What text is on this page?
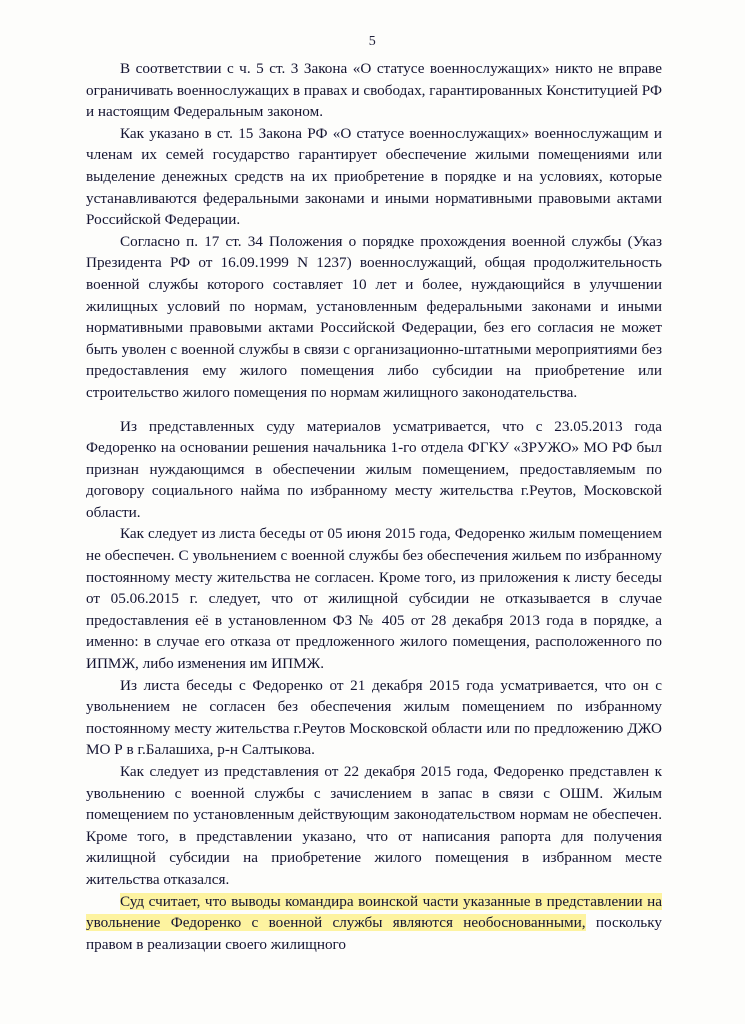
5

В соответствии с ч. 5 ст. 3 Закона «О статусе военнослужащих» никто не вправе ограничивать военнослужащих в правах и свободах, гарантированных Конституцией РФ и настоящим Федеральным законом.

Как указано в ст. 15 Закона РФ «О статусе военнослужащих» военнослужащим и членам их семей государство гарантирует обеспечение жилыми помещениями или выделение денежных средств на их приобретение в порядке и на условиях, которые устанавливаются федеральными законами и иными нормативными правовыми актами Российской Федерации.

Согласно п. 17 ст. 34 Положения о порядке прохождения военной службы (Указ Президента РФ от 16.09.1999 N 1237) военнослужащий, общая продолжительность военной службы которого составляет 10 лет и более, нуждающийся в улучшении жилищных условий по нормам, установленным федеральными законами и иными нормативными правовыми актами Российской Федерации, без его согласия не может быть уволен с военной службы в связи с организационно-штатными мероприятиями без предоставления ему жилого помещения либо субсидии на приобретение или строительство жилого помещения по нормам жилищного законодательства.

Из представленных суду материалов усматривается, что с 23.05.2013 года Федоренко на основании решения начальника 1-го отдела ФГКУ «ЗРУЖО» МО РФ был признан нуждающимся в обеспечении жилым помещением, предоставляемым по договору социального найма по избранному месту жительства г.Реутов, Московской области.

Как следует из листа беседы от 05 июня 2015 года, Федоренко жилым помещением не обеспечен. С увольнением с военной службы без обеспечения жильем по избранному постоянному месту жительства не согласен. Кроме того, из приложения к листу беседы от 05.06.2015 г. следует, что от жилищной субсидии не отказывается в случае предоставления её в установленном ФЗ № 405 от 28 декабря 2013 года в порядке, а именно: в случае его отказа от предложенного жилого помещения, расположенного по ИПМЖ, либо изменения им ИПМЖ.

Из листа беседы с Федоренко от 21 декабря 2015 года усматривается, что он с увольнением не согласен без обеспечения жилым помещением по избранному постоянному месту жительства г.Реутов Московской области или по предложению ДЖО МО Р в г.Балашиха, р-н Салтыкова.

Как следует из представления от 22 декабря 2015 года, Федоренко представлен к увольнению с военной службы с зачислением в запас в связи с ОШМ. Жилым помещением по установленным действующим законодательством нормам не обеспечен. Кроме того, в представлении указано, что от написания рапорта для получения жилищной субсидии на приобретение жилого помещения в избранном месте жительства отказался.

Суд считает, что выводы командира воинской части указанные в представлении на увольнение Федоренко с военной службы являются необоснованными, поскольку правом в реализации своего жилищного
